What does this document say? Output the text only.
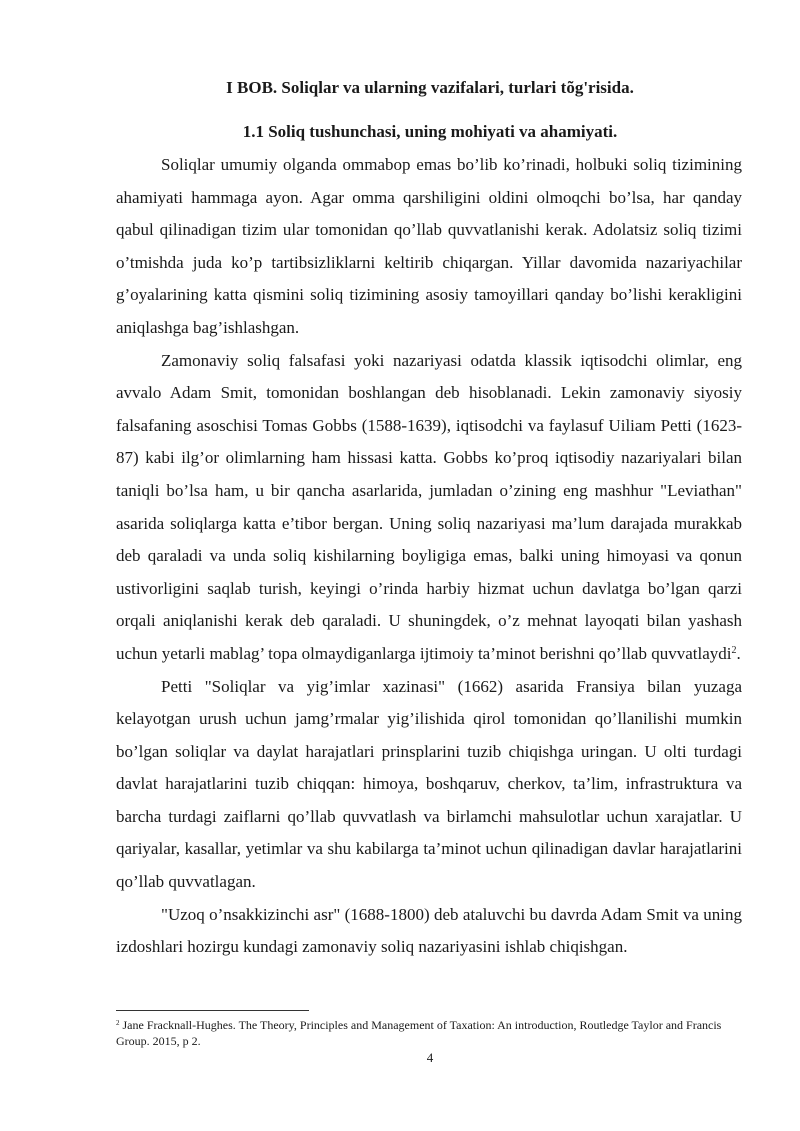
I BOB. Soliqlar va ularning vazifalari, turlari tõg'risida.
1.1 Soliq tushunchasi, uning mohiyati va ahamiyati.

Soliqlar umumiy olganda ommabop emas bo’lib ko’rinadi, holbuki soliq tizimining ahamiyati hammaga ayon. Agar omma qarshiligini oldini olmoqchi bo’lsa, har qanday qabul qilinadigan tizim ular tomonidan qo’llab quvvatlanishi kerak. Adolatsiz soliq tizimi o’tmishda juda ko’p tartibsizliklarni keltirib chiqargan. Yillar davomida nazariyachilar g’oyalarining katta qismini soliq tizimining asosiy tamoyillari qanday bo’lishi kerakligini aniqlashga bag’ishlashgan.

Zamonaviy soliq falsafasi yoki nazariyasi odatda klassik iqtisodchi olimlar, eng avvalo Adam Smit, tomonidan boshlangan deb hisoblanadi. Lekin zamonaviy siyosiy falsafaning asoschisi Tomas Gobbs (1588-1639), iqtisodchi va faylasuf Uiliam Petti (1623-87) kabi ilg’or olimlarning ham hissasi katta. Gobbs ko’proq iqtisodiy nazariyalari bilan taniqli bo’lsa ham, u bir qancha asarlarida, jumladan o’zining eng mashhur "Leviathan" asarida soliqlarga katta e’tibor bergan. Uning soliq nazariyasi ma’lum darajada murakkab deb qaraladi va unda soliq kishilarning boyligiga emas, balki uning himoyasi va qonun ustivorligini saqlab turish, keyingi o’rinda harbiy hizmat uchun davlatga bo’lgan qarzi orqali aniqlanishi kerak deb qaraladi. U shuningdek, o’z mehnat layoqati bilan yashash uchun yetarli mablag’ topa olmaydiganlarga ijtimoiy ta’minot berishni qo’llab quvvatlaydi$^2$.

Petti "Soliqlar va yig’imlar xazinasi" (1662) asarida Fransiya bilan yuzaga kelayotgan urush uchun jamg’rmalar yig’ilishida qirol tomonidan qo’llanilishi mumkin bo’lgan soliqlar va daylat harajatlari prinsplarini tuzib chiqishga uringan. U olti turdagi davlat harajatlarini tuzib chiqqan: himoya, boshqaruv, cherkov, ta’lim, infrastruktura va barcha turdagi zaiflarni qo’llab quvvatlash va birlamchi mahsulotlar uchun xarajatlar. U qariyalar, kasallar, yetimlar va shu kabilarga ta’minot uchun qilinadigan davlar harajatlarini qo’llab quvvatlagan.

"Uzoq o’nsakkizinchi asr" (1688-1800) deb ataluvchi bu davrda Adam Smit va uning izdoshlari hozirgu kundagi zamonaviy soliq nazariyasini ishlab chiqishgan.

$^2$ Jane Fracknall-Hughes. The Theory, Principles and Management of Taxation: An introduction, Routledge Taylor and Francis Group. 2015, p 2.
4
